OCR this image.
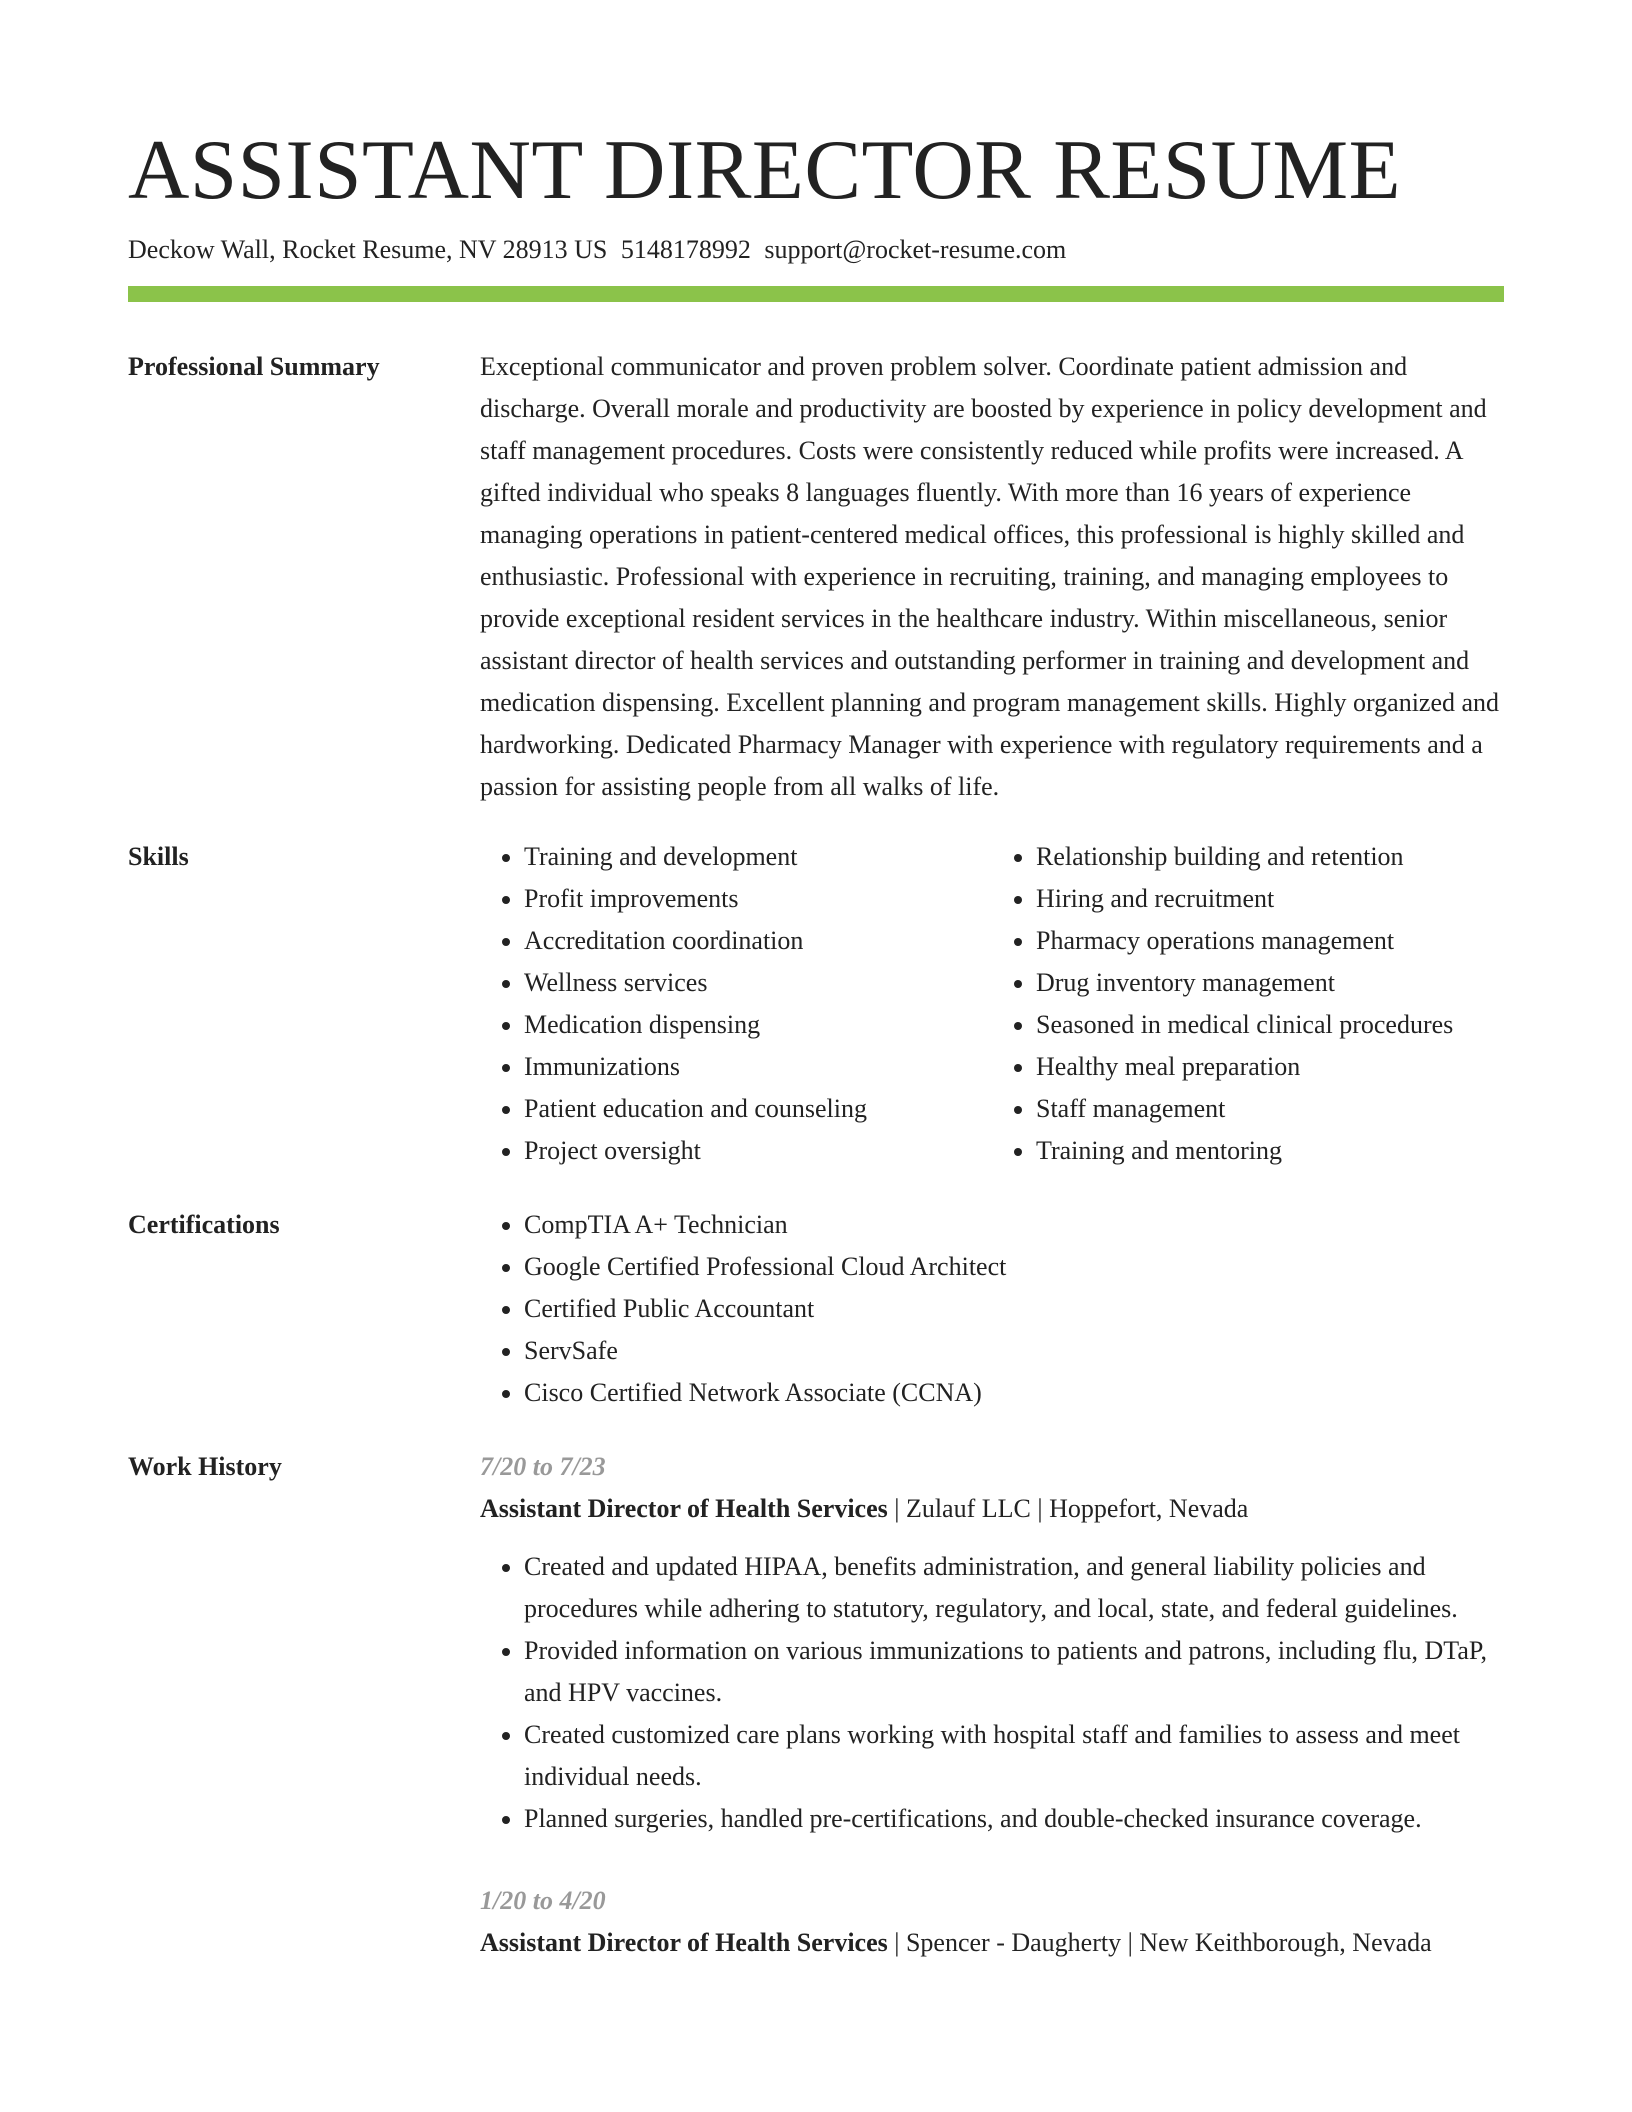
ASSISTANT DIRECTOR RESUME
Deckow Wall, Rocket Resume, NV 28913 US 5148178992 support@rocket-resume.com
Professional Summary	Exceptional communicator and proven problem solver. Coordinate patient admission and discharge. Overall morale and productivity are boosted by experience in policy development and staff management procedures. Costs were consistently reduced while profits were increased. A gifted individual who speaks 8 languages fluently. With more than 16 years of experience managing operations in patient-centered medical offices, this professional is highly skilled and enthusiastic. Professional with experience in recruiting, training, and managing employees to provide exceptional resident services in the healthcare industry. Within miscellaneous, senior assistant director of health services and outstanding performer in training and development and medication dispensing. Excellent planning and program management skills. Highly organized and hardworking. Dedicated Pharmacy Manager with experience with regulatory requirements and a passion for assisting people from all walks of life.

Skills	• Training and development
• Profit improvements
• Accreditation coordination
• Wellness services
• Medication dispensing
• Immunizations
• Patient education and counseling
• Project oversight
• Relationship building and retention
• Hiring and recruitment
• Pharmacy operations management
• Drug inventory management
• Seasoned in medical clinical procedures
• Healthy meal preparation
• Staff management
• Training and mentoring
Certifications	• CompTIA A+ Technician
• Google Certified Professional Cloud Architect
• Certified Public Accountant
• ServSafe
• Cisco Certified Network Associate (CCNA)
Work History	7/20 to 7/23
Assistant Director of Health Services | Zulauf LLC | Hoppefort, Nevada
• Created and updated HIPAA, benefits administration, and general liability policies and procedures while adhering to statutory, regulatory, and local, state, and federal guidelines.
• Provided information on various immunizations to patients and patrons, including flu, DTaP, and HPV vaccines.
• Created customized care plans working with hospital staff and families to assess and meet individual needs.
• Planned surgeries, handled pre-certifications, and double-checked insurance coverage.
1/20 to 4/20
Assistant Director of Health Services | Spencer - Daugherty | New Keithborough, Nevada
